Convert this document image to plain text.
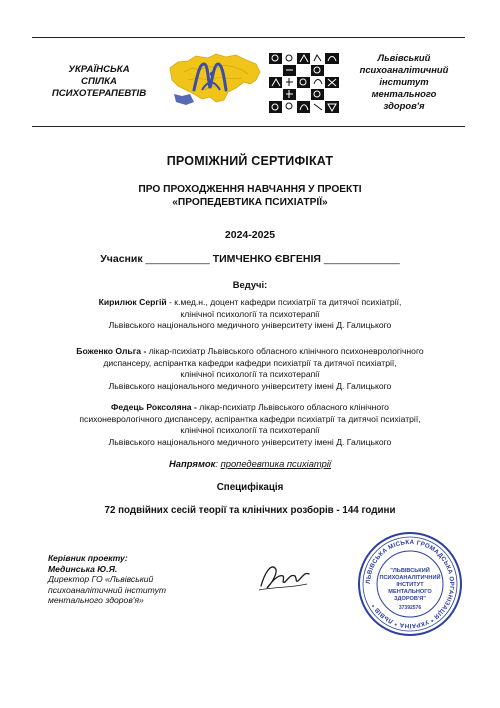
УКРАЇНСЬКА
СПІЛКА
ПСИХОТЕРАПЕВТІВ
Львівський
психоаналітичний
інститут
ментального
здоров'я
ПРОМІЖНИЙ СЕРТИФІКАТ
ПРО ПРОХОДЖЕННЯ НАВЧАННЯ У ПРОЕКТІ
«ПРОПЕДЕВТИКА ПСИХІАТРІЇ»
2024-2025
Учасник ___________ ТИМЧЕНКО ЄВГЕНІЯ _____________
Ведучі:
Кирилюк Сергій - к.мед.н., доцент кафедри психіатрії та дитячої психіатрії,
клінічної психології та психотерапії
Львівського національного медичного університету імені Д. Галицького
Боженко Ольга - лікар-психіатр Львівського обласного клінічного психоневрологічного
диспансеру, аспірантка кафедри кафедри психіатрії та дитячої психіатрії,
клінічної психології та психотерапії
Львівського національного медичного університету імені Д. Галицького
Федець Роксоляна - лікар-психіатр Львівського обласного клінічного
психоневрологічного диспансеру, аспірантка кафедри психіатрії та дитячої психіатрії,
клінічної психології та психотерапії
Львівського національного медичного університету імені Д. Галицького
Напрямок: пропедевтика психіатрії
Специфікація
72 подвійних сесій теорії та клінічних розборів - 144 години
Керівник проекту:
Мединська Ю.Я.
Директор ГО «Львівський
психоаналітичний інститут
ментального здоров'я»
ЛЬВІВСЬКА МІСЬКА ГРОМАДСЬКА ОРГАНІЗАЦІЯ * УКРАЇНА * ЛЬВІВ *
"ЛЬВІВСЬКИЙ
ПСИХОАНАЛІТИЧНИЙ
ІНСТИТУТ
МЕНТАЛЬНОГО
ЗДОРОВ'Я"
37392576
